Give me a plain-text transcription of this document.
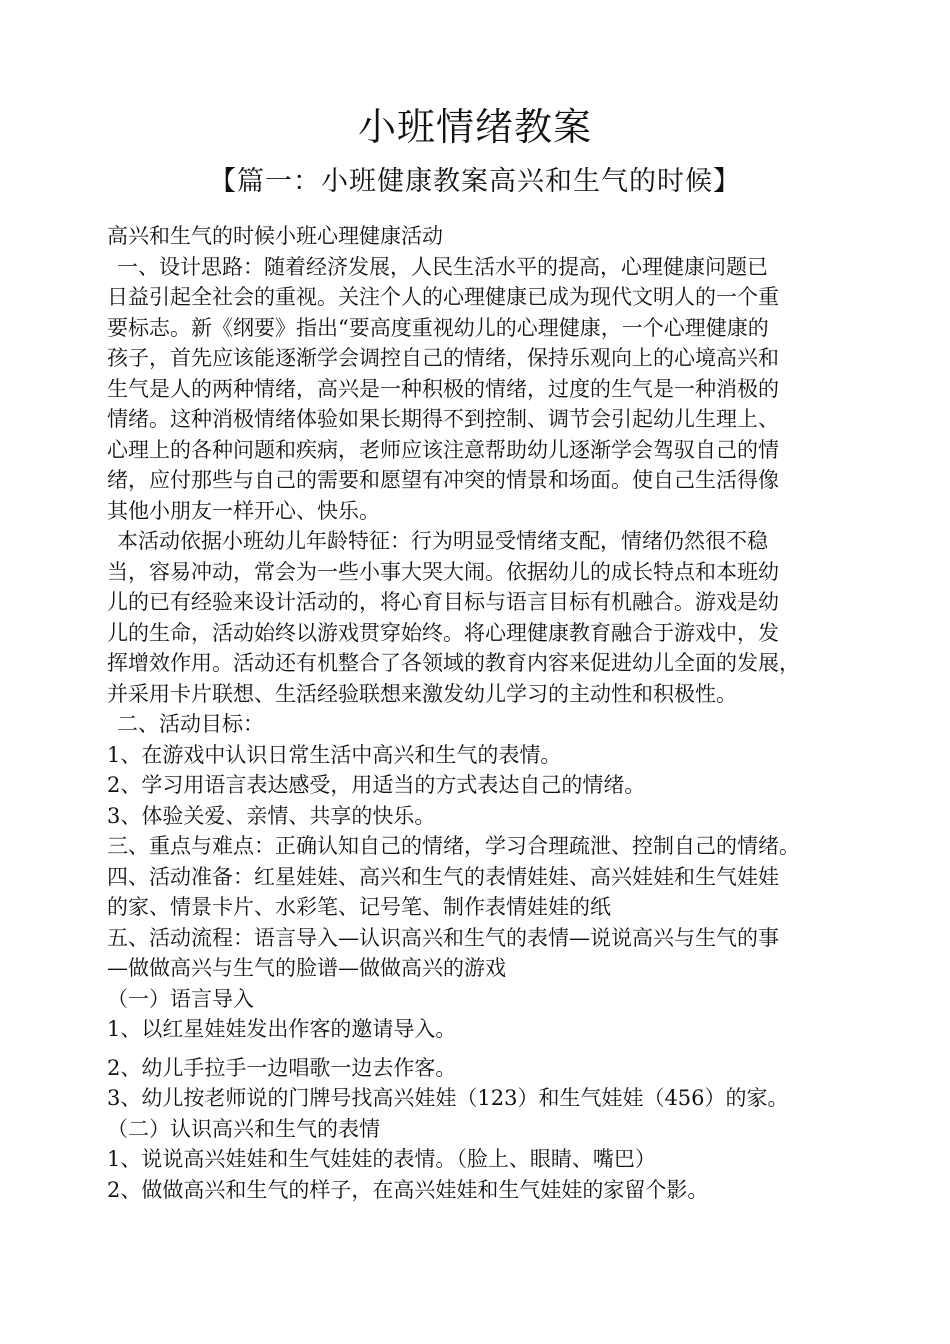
小班情绪教案
【篇一：小班健康教案高兴和生气的时候】
高兴和生气的时候小班心理健康活动
一、设计思路：随着经济发展，人民生活水平的提高，心理健康问题已
日益引起全社会的重视。关注个人的心理健康已成为现代文明人的一个重
要标志。新《纲要》指出“要高度重视幼儿的心理健康，一个心理健康的
孩子，首先应该能逐渐学会调控自己的情绪，保持乐观向上的心境高兴和
生气是人的两种情绪，高兴是一种积极的情绪，过度的生气是一种消极的
情绪。这种消极情绪体验如果长期得不到控制、调节会引起幼儿生理上、
心理上的各种问题和疾病，老师应该注意帮助幼儿逐渐学会驾驭自己的情
绪，应付那些与自己的需要和愿望有冲突的情景和场面。使自己生活得像
其他小朋友一样开心、快乐。
本活动依据小班幼儿年龄特征：行为明显受情绪支配，情绪仍然很不稳
当，容易冲动，常会为一些小事大哭大闹。依据幼儿的成长特点和本班幼
儿的已有经验来设计活动的，将心育目标与语言目标有机融合。游戏是幼
儿的生命，活动始终以游戏贯穿始终。将心理健康教育融合于游戏中，发
挥增效作用。活动还有机整合了各领域的教育内容来促进幼儿全面的发展，
并采用卡片联想、生活经验联想来激发幼儿学习的主动性和积极性。
二、活动目标：
1、在游戏中认识日常生活中高兴和生气的表情。
2、学习用语言表达感受，用适当的方式表达自己的情绪。
3、体验关爱、亲情、共享的快乐。
三、重点与难点：正确认知自己的情绪，学习合理疏泄、控制自己的情绪。
四、活动准备：红星娃娃、高兴和生气的表情娃娃、高兴娃娃和生气娃娃
的家、情景卡片、水彩笔、记号笔、制作表情娃娃的纸
五、活动流程：语言导入—认识高兴和生气的表情—说说高兴与生气的事
—做做高兴与生气的脸谱—做做高兴的游戏
（一）语言导入
1、以红星娃娃发出作客的邀请导入。
2、幼儿手拉手一边唱歌一边去作客。
3、幼儿按老师说的门牌号找高兴娃娃（123）和生气娃娃（456）的家。
（二）认识高兴和生气的表情
1、说说高兴娃娃和生气娃娃的表情。（脸上、眼睛、嘴巴）
2、做做高兴和生气的样子，在高兴娃娃和生气娃娃的家留个影。
